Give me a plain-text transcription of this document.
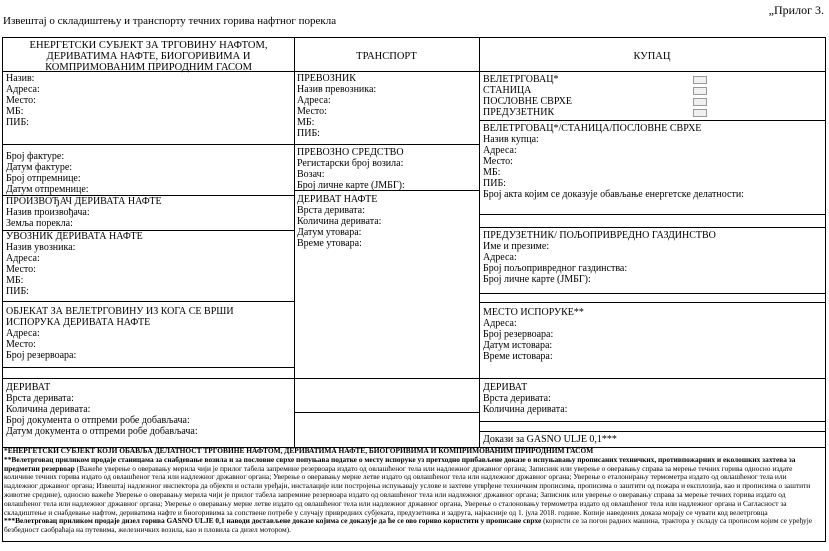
Извештај о складиштењу и транспорту течних горива нафтног порекла
„Прилог 3.
ЕНЕРГЕТСКИ СУБЈЕКТ ЗА ТРГОВИНУ НАФТОМ,
ДЕРИВАТИМА НАФТЕ, БИОГОРИВИМА И
КОМПРИМОВАНИМ ПРИРОДНИМ ГАСОМ
ТРАНСПОРТ	КУПАЦ
Назив:
Адреса:
Место:
МБ:
ПИБ:
Број фактуре:
Датум фактуре:
Број отпремнице:
Датум отпремнице:
ПРОИЗВОЂАЧ ДЕРИВАТА НАФТЕ
Назив произвођача:
Земља порекла:
УВОЗНИК ДЕРИВАТА НАФТЕ
Назив увозника:
Адреса:
Место:
МБ:
ПИБ:
ОБЈЕКАТ ЗА ВЕЛЕТРГОВИНУ ИЗ КОГА СЕ ВРШИ
ИСПОРУКА ДЕРИВАТА НАФТЕ
Адреса:
Место:
Број резервоара:
ДЕРИВАТ
Врста деривата:
Количина деривата:
Број документа о отпреми робе добављача:
Датум документа о отпреми робе добављача:
ПРЕВОЗНИК
Назив превозника:
Адреса:
Место:
МБ:
ПИБ:
ПРЕВОЗНО СРЕДСТВО
Регистарски број возила:
Возач:
Број личне карте (ЈМБГ):
ДЕРИВАТ НАФТЕ
Врста деривата:
Количина деривата:
Датум утовара:
Време утовара:
ВЕЛЕТРГОВАЦ*
СТАНИЦА
ПОСЛОВНЕ СВРХЕ
ПРЕДУЗЕТНИК
ВЕЛЕТРГОВАЦ*/СТАНИЦА/ПОСЛОВНЕ СВРХЕ
Назив купца:
Адреса:
Место:
МБ:
ПИБ:
Број акта којим се доказује обављање енергетске делатности:
ПРЕДУЗЕТНИК/ ПОЉОПРИВРЕДНО ГАЗДИНСТВО
Име и презиме:
Адреса:
Број пољопривредног газдинства:
Број личне карте (ЈМБГ):
МЕСТО ИСПОРУКЕ**
Адреса:
Број резервоара:
Датум истовара:
Време истовара:
ДЕРИВАТ
Врста деривата:
Количина деривата:
Докази за GASNO ULJE 0,1***
*ЕНЕРГЕТСКИ СУБЈЕКТ КОЈИ ОБАВЉА ДЕЛАТНОСТ ТРГОВИНЕ НАФТОМ, ДЕРИВАТИМА НАФТЕ, БИОГОРИВИМА И КОМПРИМОВАНИМ ПРИРОДНИМ ГАСОМ
**Велетрговац приликом продаје станицама за снабдевање возила и за пословне сврхе попуњава податке о месту испоруке уз претходно прибављене доказе о испуњавању прописаних техничких, противпожарних и еколошких захтева за предметни резервоар (Важећe уверење о овeравању мерила чији je прилог табела запремине резервоара издато од овлашћеног тела или надлежног државног органа; Записник или уверење о оверавању справа за мерење течних горива односно издате количине течних горива издато од овлашћеног тела или надлежног државног органа; Уверење о оверавању мерне летве издато од овлашћеног тела или надлежног државног органа; Уверење о еталонирању термометра издато од овлашћеног тела или надлежног државног органа; Извештај надлежног инспектора да објекти и остали уређаји, инсталације или постројења испуњавају услове и захтеве утврђене техничким прописима, прописима о заштити од пожара и експлозија, као и прописима о заштити животне средине), односно важеће Уверење о оверавању мерила чији je прилог табела запремине резервоара издато од овлашћеног тела или надлежног државног органа; Записник или уверење о оверавању справа за мерење течних горива издато од овлашћеног тела или надлежног државног органа; Уверење о оверавању мерне летве издато од овлашћеног тела или надлежног државног органа, Уверење о сталоновању термометра издато од овлашћеног тела или надлежног органа и Сагласност за складиштење и снабдевање нафтом, дериватима нафте и биогоривима за сопствене потребе у случају привредних субјеката, предузетника и задруга, најкасније од 1. јула 2018. године. Копије наведених доказа морају се чувати код велетрговца
***Велетрговац приликом продаје дизел горива GASNO ULJE 0,1 наводи достављене доказе којима се доказује да ће се ово гориво користити у прописане сврхе (користи се за погон радних машина, трактора у складу са прописом којим се уређује безбедност саобраћаја на путевима, железничких возила, као и пловила са дизел мотором).
